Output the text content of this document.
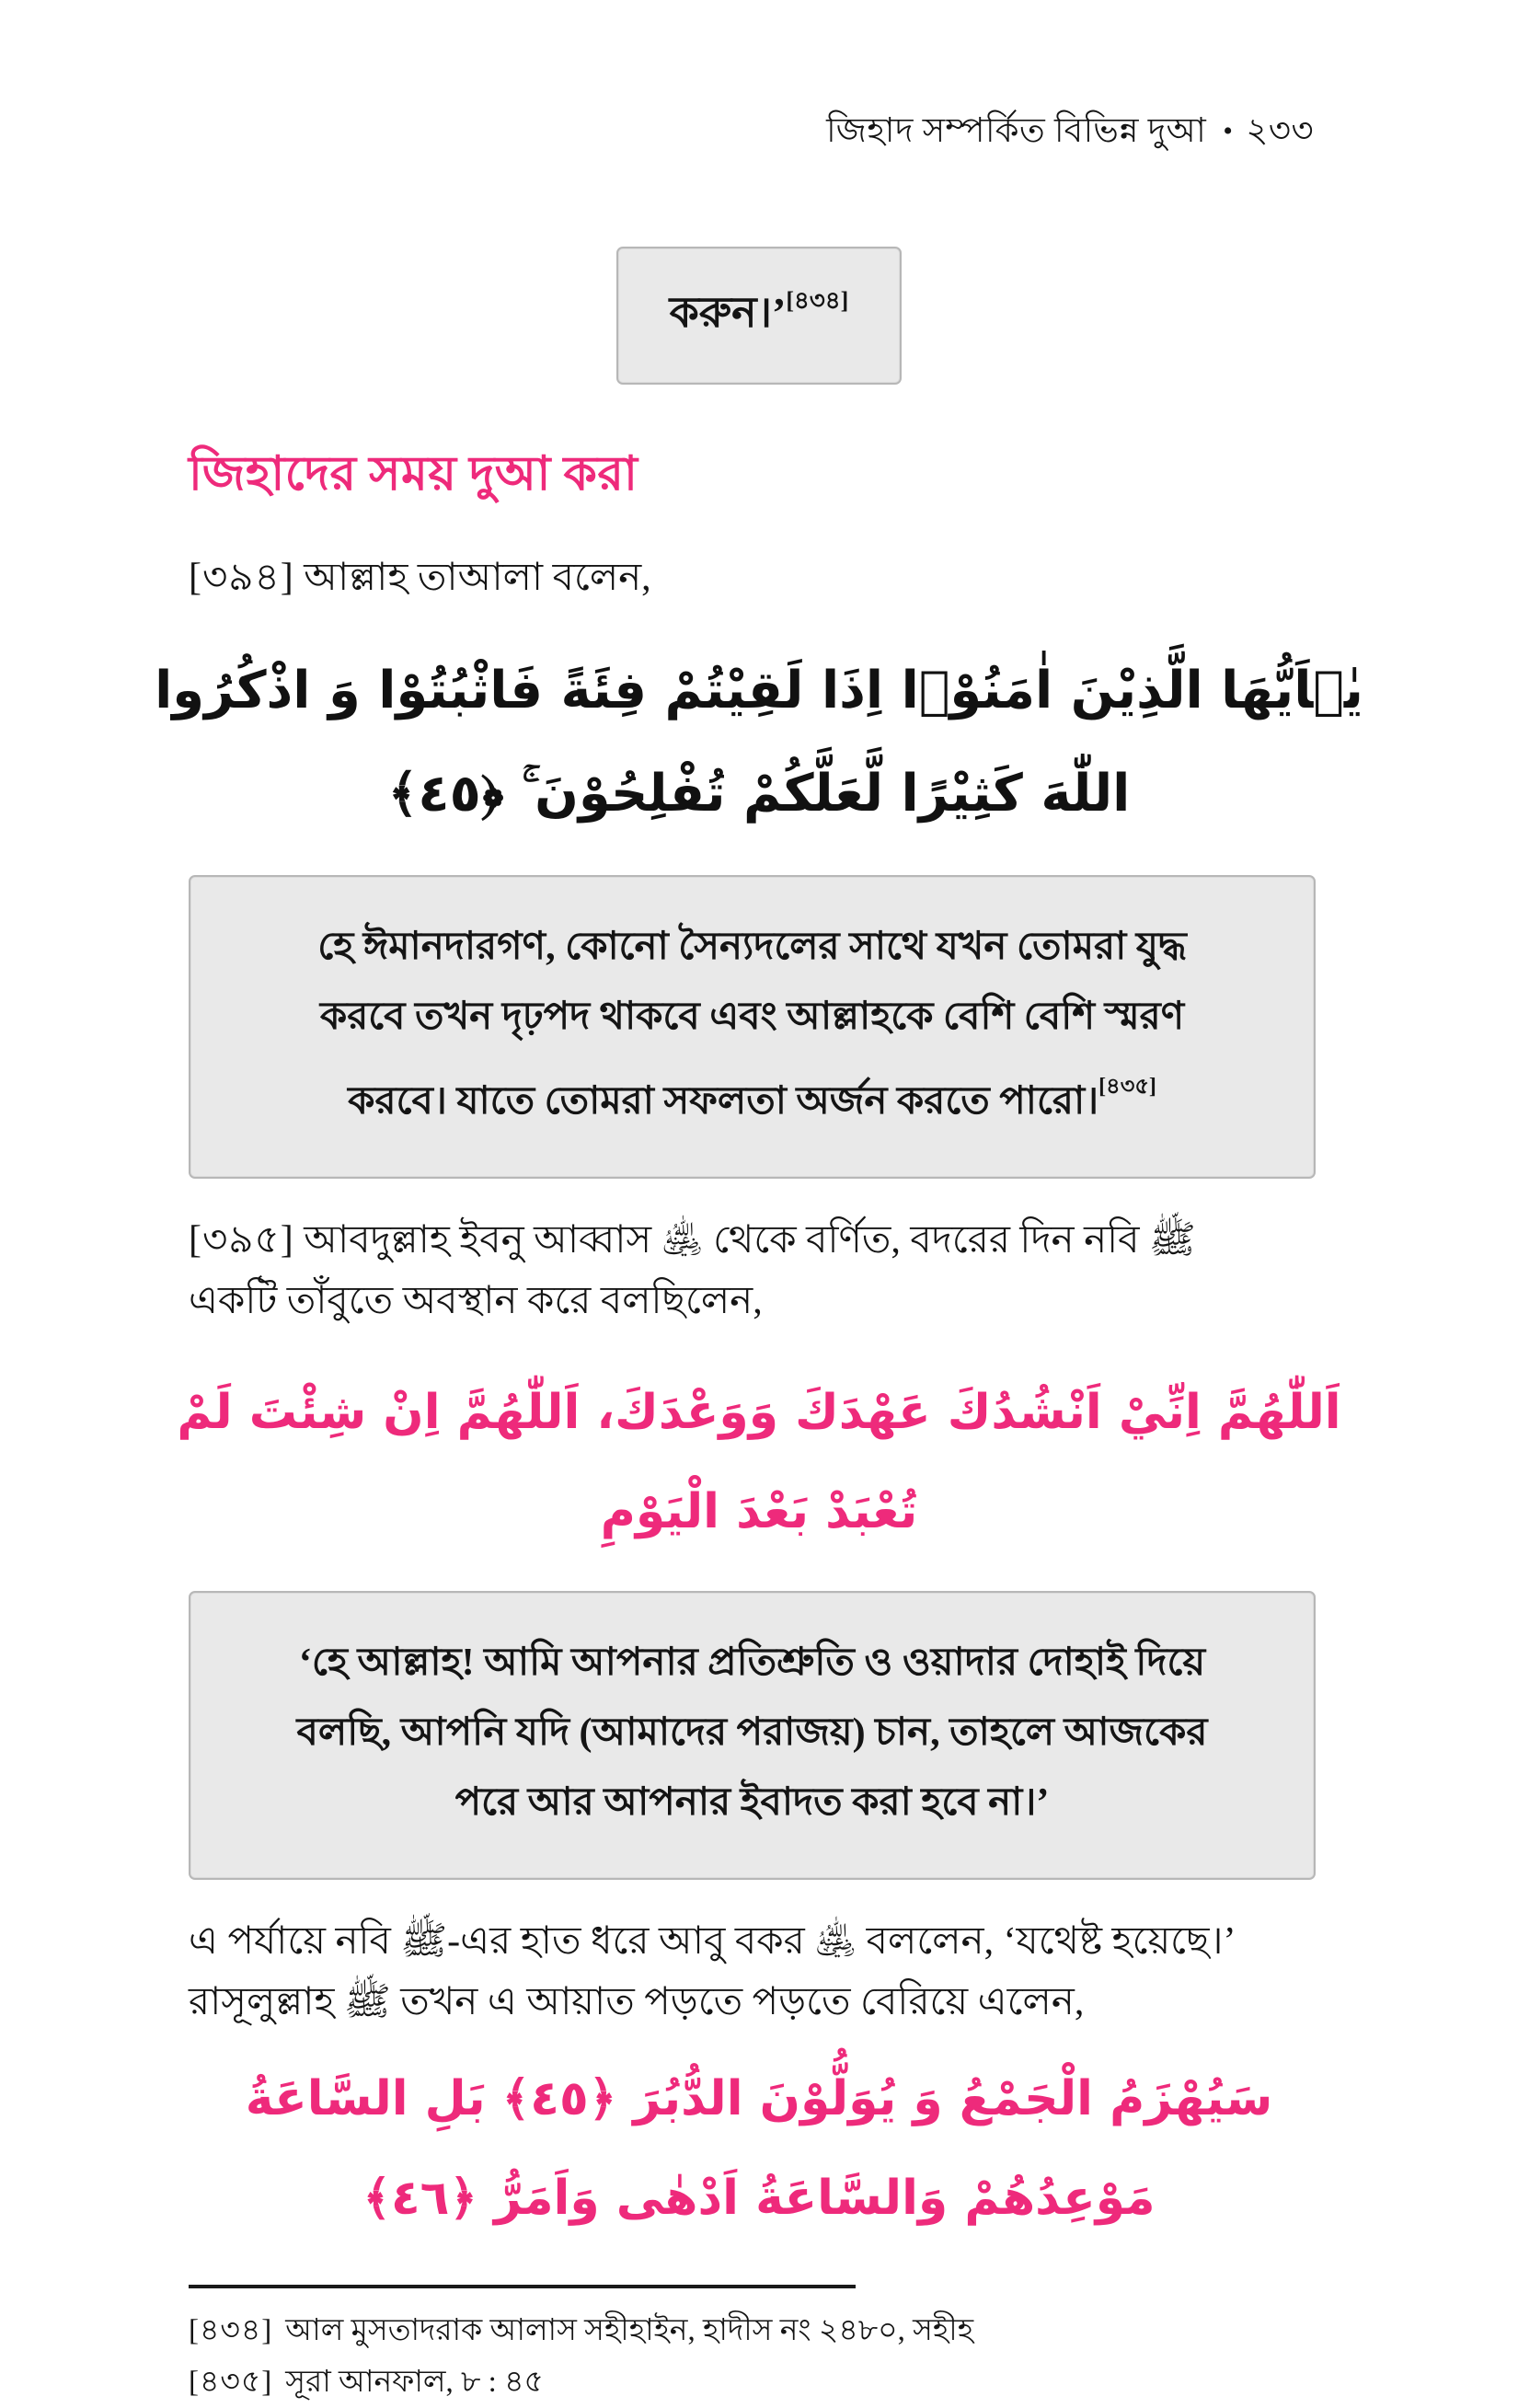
জিহাদ সম্পর্কিত বিভিন্ন দুআ • ২৩৩
করুন।’[৪৩৪]
জিহাদের সময় দুআ করা
[৩৯৪] আল্লাহ তাআলা বলেন,
يٰۤاَيُّهَا الَّذِيْنَ اٰمَنُوْۤا اِذَا لَقِيْتُمْ فِئَةً فَاثْبُتُوْا وَ اذْكُرُوا
اللّٰهَ كَثِيْرًا لَّعَلَّكُمْ تُفْلِحُوْنَ ۚ ﴿٤٥﴾
হে ঈমানদারগণ, কোনো সৈন্যদলের সাথে যখন তোমরা যুদ্ধ
করবে তখন দৃঢ়পদ থাকবে এবং আল্লাহকে বেশি বেশি স্মরণ
করবে। যাতে তোমরা সফলতা অর্জন করতে পারো।[৪৩৫]
[৩৯৫] আবদুল্লাহ ইবনু আব্বাস ﵁ থেকে বর্ণিত, বদরের দিন নবি ﷺ
একটি তাঁবুতে অবস্থান করে বলছিলেন,
اَللّٰهُمَّ اِنِّيْ اَنْشُدُكَ عَهْدَكَ وَوَعْدَكَ، اَللّٰهُمَّ اِنْ شِئْتَ لَمْ
تُعْبَدْ بَعْدَ الْيَوْمِ
‘হে আল্লাহ! আমি আপনার প্রতিশ্রুতি ও ওয়াদার দোহাই দিয়ে
বলছি, আপনি যদি (আমাদের পরাজয়) চান, তাহলে আজকের
পরে আর আপনার ইবাদত করা হবে না।’
এ পর্যায়ে নবি ﷺ-এর হাত ধরে আবু বকর ﵁ বললেন, ‘যথেষ্ট হয়েছে।’
রাসূলুল্লাহ ﷺ তখন এ আয়াত পড়তে পড়তে বেরিয়ে এলেন,
سَيُهْزَمُ الْجَمْعُ وَ يُوَلُّوْنَ الدُّبُرَ ﴿٤٥﴾ بَلِ السَّاعَةُ
مَوْعِدُهُمْ وَالسَّاعَةُ اَدْهٰى وَاَمَرُّ ﴿٤٦﴾
[৪৩৪] আল মুসতাদরাক আলাস সহীহাইন, হাদীস নং ২৪৮০, সহীহ
[৪৩৫] সূরা আনফাল, ৮ : ৪৫
